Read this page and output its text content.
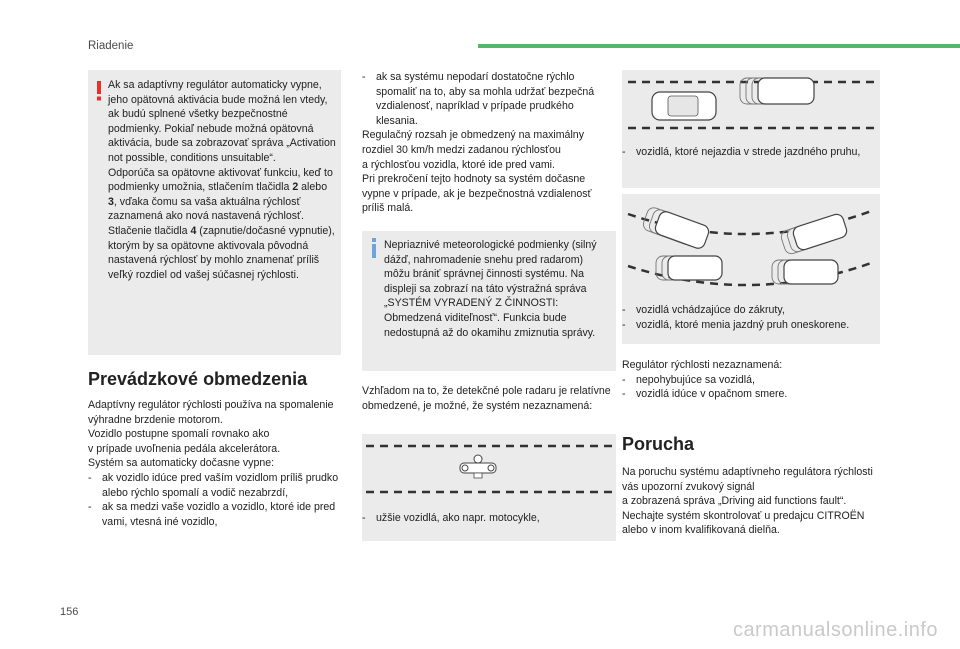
Riadenie

Ak sa adaptívny regulátor automaticky vypne, jeho opätovná aktivácia bude možná len vtedy, ak budú splnené všetky bezpečnostné podmienky. Pokiaľ nebude možná opätovná aktivácia, bude sa zobrazovať správa „Activation not possible, conditions unsuitable“.

Odporúča sa opätovne aktivovať funkciu, keď to podmienky umožnia, stlačením tlačidla 2 alebo 3, vďaka čomu sa vaša aktuálna rýchlosť zaznamená ako nová nastavená rýchlosť. Stlačenie tlačidla 4 (zapnutie/dočasné vypnutie), ktorým by sa opätovne aktivovala pôvodná nastavená rýchlosť by mohlo znamenať príliš veľký rozdiel od vašej súčasnej rýchlosti.

Prevádzkové obmedzenia

Adaptívny regulátor rýchlosti používa na spomalenie výhradne brzdenie motorom.
Vozidlo postupne spomalí rovnako ako
v prípade uvoľnenia pedála akcelerátora.
Systém sa automaticky dočasne vypne:

- ak vozidlo idúce pred vaším vozidlom príliš prudko alebo rýchlo spomalí a vodič nezabrzdí,

- ak sa medzi vaše vozidlo a vozidlo, ktoré ide pred vami, vtesná iné vozidlo,

- ak sa systému nepodarí dostatočne rýchlo spomaliť na to, aby sa mohla udržať bezpečná vzdialenosť, napríklad v prípade prudkého klesania.

Regulačný rozsah je obmedzený na maximálny rozdiel 30 km/h medzi zadanou rýchlosťou
a rýchlosťou vozidla, ktoré ide pred vami.
Pri prekročení tejto hodnoty sa systém dočasne vypne v prípade, ak je bezpečnostná vzdialenosť príliš malá.

Nepriaznivé meteorologické podmienky (silný dážď, nahromadenie snehu pred radarom) môžu brániť správnej činnosti systému. Na displeji sa zobrazí na táto výstražná správa „SYSTÉM VYRADENÝ Z ČINNOSTI: Obmedzená viditeľnosť“. Funkcia bude nedostupná až do okamihu zmiznutia správy.

Vzhľadom na to, že detekčné pole radaru je relatívne obmedzené, je možné, že systém nezaznamená:

- užšie vozidlá, ako napr. motocykle,

- vozidlá, ktoré nejazdia v strede jazdného pruhu,

- vozidlá vchádzajúce do zákruty,

- vozidlá, ktoré menia jazdný pruh oneskorene.

Regulátor rýchlosti nezaznamená:

- nepohybujúce sa vozidlá,

- vozidlá idúce v opačnom smere.

Porucha

Na poruchu systému adaptívneho regulátora rýchlosti vás upozorní zvukový signál
a zobrazená správa „Driving aid functions fault“.

Nechajte systém skontrolovať u predajcu CITROËN alebo v inom kvalifikovaná dielňa.

156
carmanualsonline.info
